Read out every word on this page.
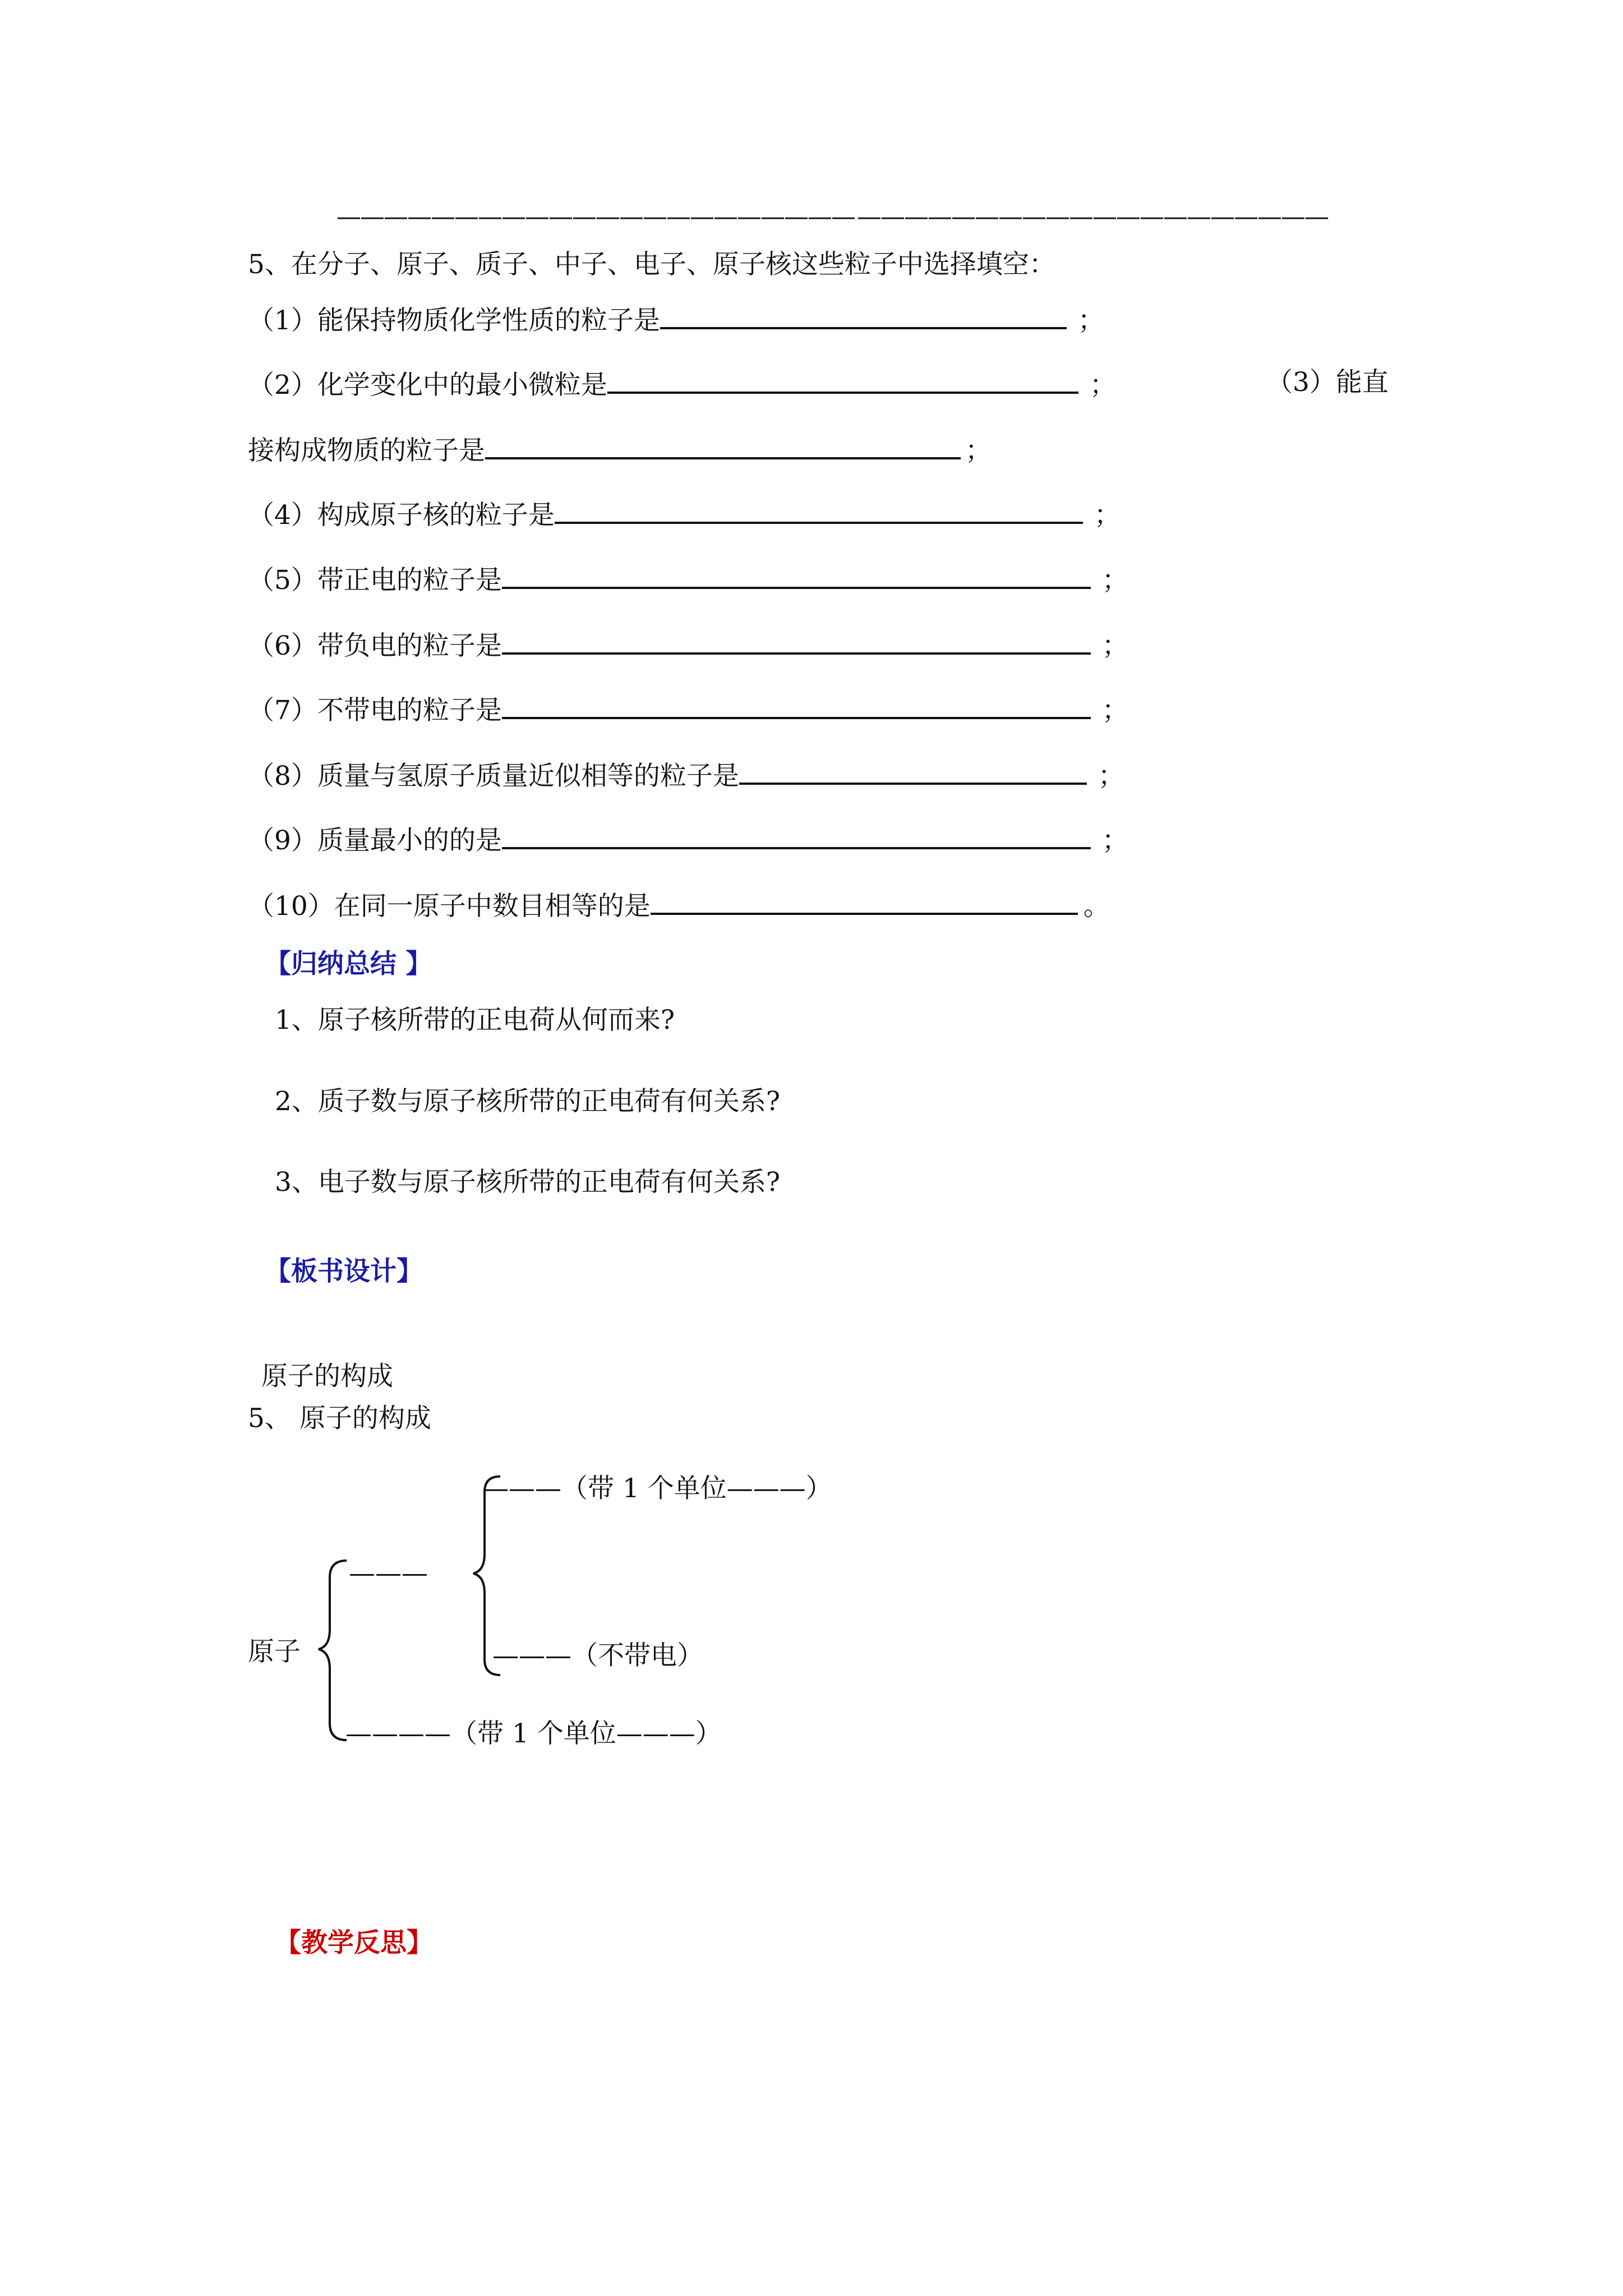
—————————————————————— ————————————————————
5、在分子、原子、质子、中子、电子、原子核这些粒子中选择填空：
（1）能保持物质化学性质的粒子是	；
（2）化学变化中的最小微粒是	；	（3）能直
接构成物质的粒子是	；
（4）构成原子核的粒子是	；
（5）带正电的粒子是	；
（6）带负电的粒子是	；
（7）不带电的粒子是	；
（8）质量与氢原子质量近似相等的粒子是	；
（9）质量最小的的是	；
（10）在同一原子中数目相等的是	。
【归纳总结 】
1、原子核所带的正电荷从何而来?
2、质子数与原子核所带的正电荷有何关系?
3、电子数与原子核所带的正电荷有何关系?
【板书设计】
原子的构成
5、 原子的构成
原子
———
———（带 1 个单位———）
———（不带电）
————（带 1 个单位———）
【教学反思】
